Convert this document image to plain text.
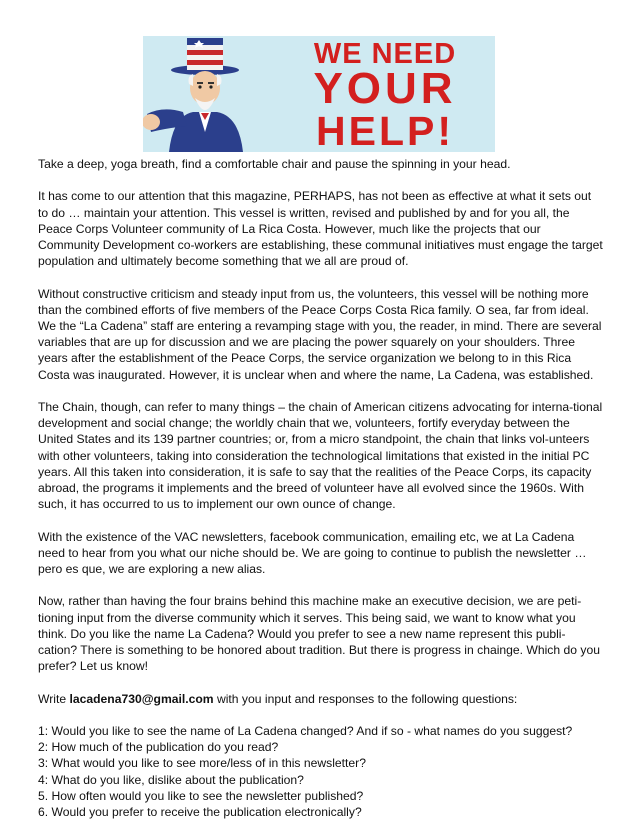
WE NEED
YOUR
HELP!

Take a deep, yoga breath, find a comfortable chair and pause the spinning in your head.

It has come to our attention that this magazine, PERHAPS, has not been as effective at what it sets out to do … maintain your attention. This vessel is written, revised and published by and for you all, the Peace Corps Volunteer community of La Rica Costa. However, much like the projects that our Community Development co-workers are establishing, these communal initiatives must engage the target population and ultimately become something that we all are proud of.

Without constructive criticism and steady input from us, the volunteers, this vessel will be nothing more than the combined efforts of five members of the Peace Corps Costa Rica family. O sea, far from ideal. We the “La Cadena” staff are entering a revamping stage with you, the reader, in mind. There are several variables that are up for discussion and we are placing the power squarely on your shoulders. Three years after the establishment of the Peace Corps, the service organization we belong to in this Rica Costa was inaugurated. However, it is unclear when and where the name, La Cadena, was established.

The Chain, though, can refer to many things – the chain of American citizens advocating for interna-tional development and social change; the worldly chain that we, volunteers, fortify everyday between the United States and its 139 partner countries; or, from a micro standpoint, the chain that links vol-unteers with other volunteers, taking into consideration the technological limitations that existed in the initial PC years. All this taken into consideration, it is safe to say that the realities of the Peace Corps, its capacity abroad, the programs it implements and the breed of volunteer have all evolved since the 1960s. With such, it has occurred to us to implement our own ounce of change.

With the existence of the VAC newsletters, facebook communication, emailing etc, we at La Cadena need to hear from you what our niche should be. We are going to continue to publish the newsletter … pero es que, we are exploring a new alias.

Now, rather than having the four brains behind this machine make an executive decision, we are peti-tioning input from the diverse community which it serves. This being said, we want to know what you think. Do you like the name La Cadena? Would you prefer to see a new name represent this publi-cation? There is something to be honored about tradition. But there is progress in chainge. Which do you prefer? Let us know!

Write lacadena730@gmail.com with you input and responses to the following questions:

1: Would you like to see the name of La Cadena changed? And if so - what names do you suggest?
2: How much of the publication do you read?
3: What would you like to see more/less of in this newsletter?
4: What do you like, dislike about the publication?
5. How often would you like to see the newsletter published?
6. Would you prefer to receive the publication electronically?
